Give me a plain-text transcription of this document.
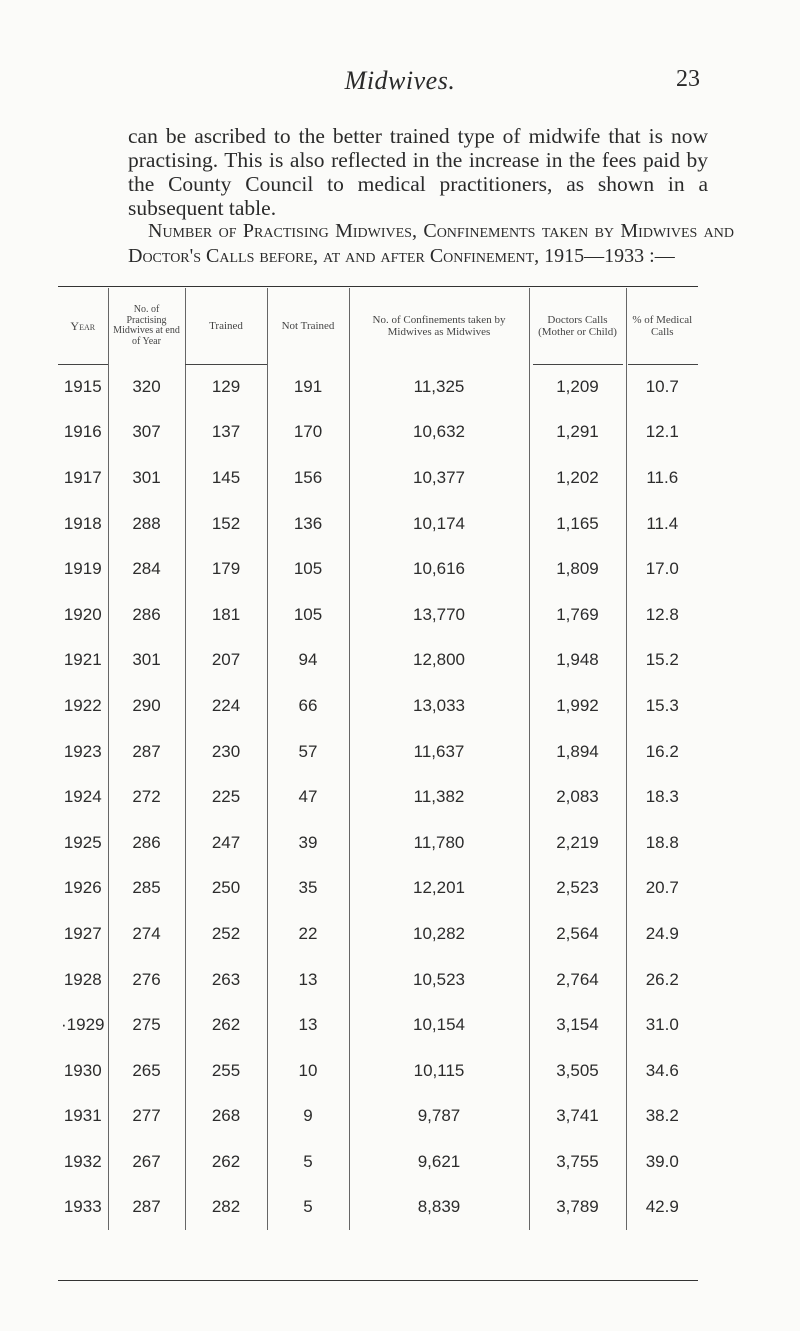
Midwives.	23
can be ascribed to the better trained type of midwife that is now practising. This is also reflected in the increase in the fees paid by the County Council to medical practitioners, as shown in a subsequent table.
Number of Practising Midwives, Confinements taken by Midwives and Doctor's Calls before, at and after Confinement, 1915—1933 :—
Year	No. of Practising Midwives at end of Year	Trained	Not Trained	No. of Confinements taken by Midwives as Midwives	Doctors Calls (Mother or Child)	% of Medical Calls
1915	320	129	191	11,325	1,209	10.7
1916	307	137	170	10,632	1,291	12.1
1917	301	145	156	10,377	1,202	11.6
1918	288	152	136	10,174	1,165	11.4
1919	284	179	105	10,616	1,809	17.0
1920	286	181	105	13,770	1,769	12.8
1921	301	207	94	12,800	1,948	15.2
1922	290	224	66	13,033	1,992	15.3
1923	287	230	57	11,637	1,894	16.2
1924	272	225	47	11,382	2,083	18.3
1925	286	247	39	11,780	2,219	18.8
1926	285	250	35	12,201	2,523	20.7
1927	274	252	22	10,282	2,564	24.9
1928	276	263	13	10,523	2,764	26.2
·1929	275	262	13	10,154	3,154	31.0
1930	265	255	10	10,115	3,505	34.6
1931	277	268	9	9,787	3,741	38.2
1932	267	262	5	9,621	3,755	39.0
1933	287	282	5	8,839	3,789	42.9
